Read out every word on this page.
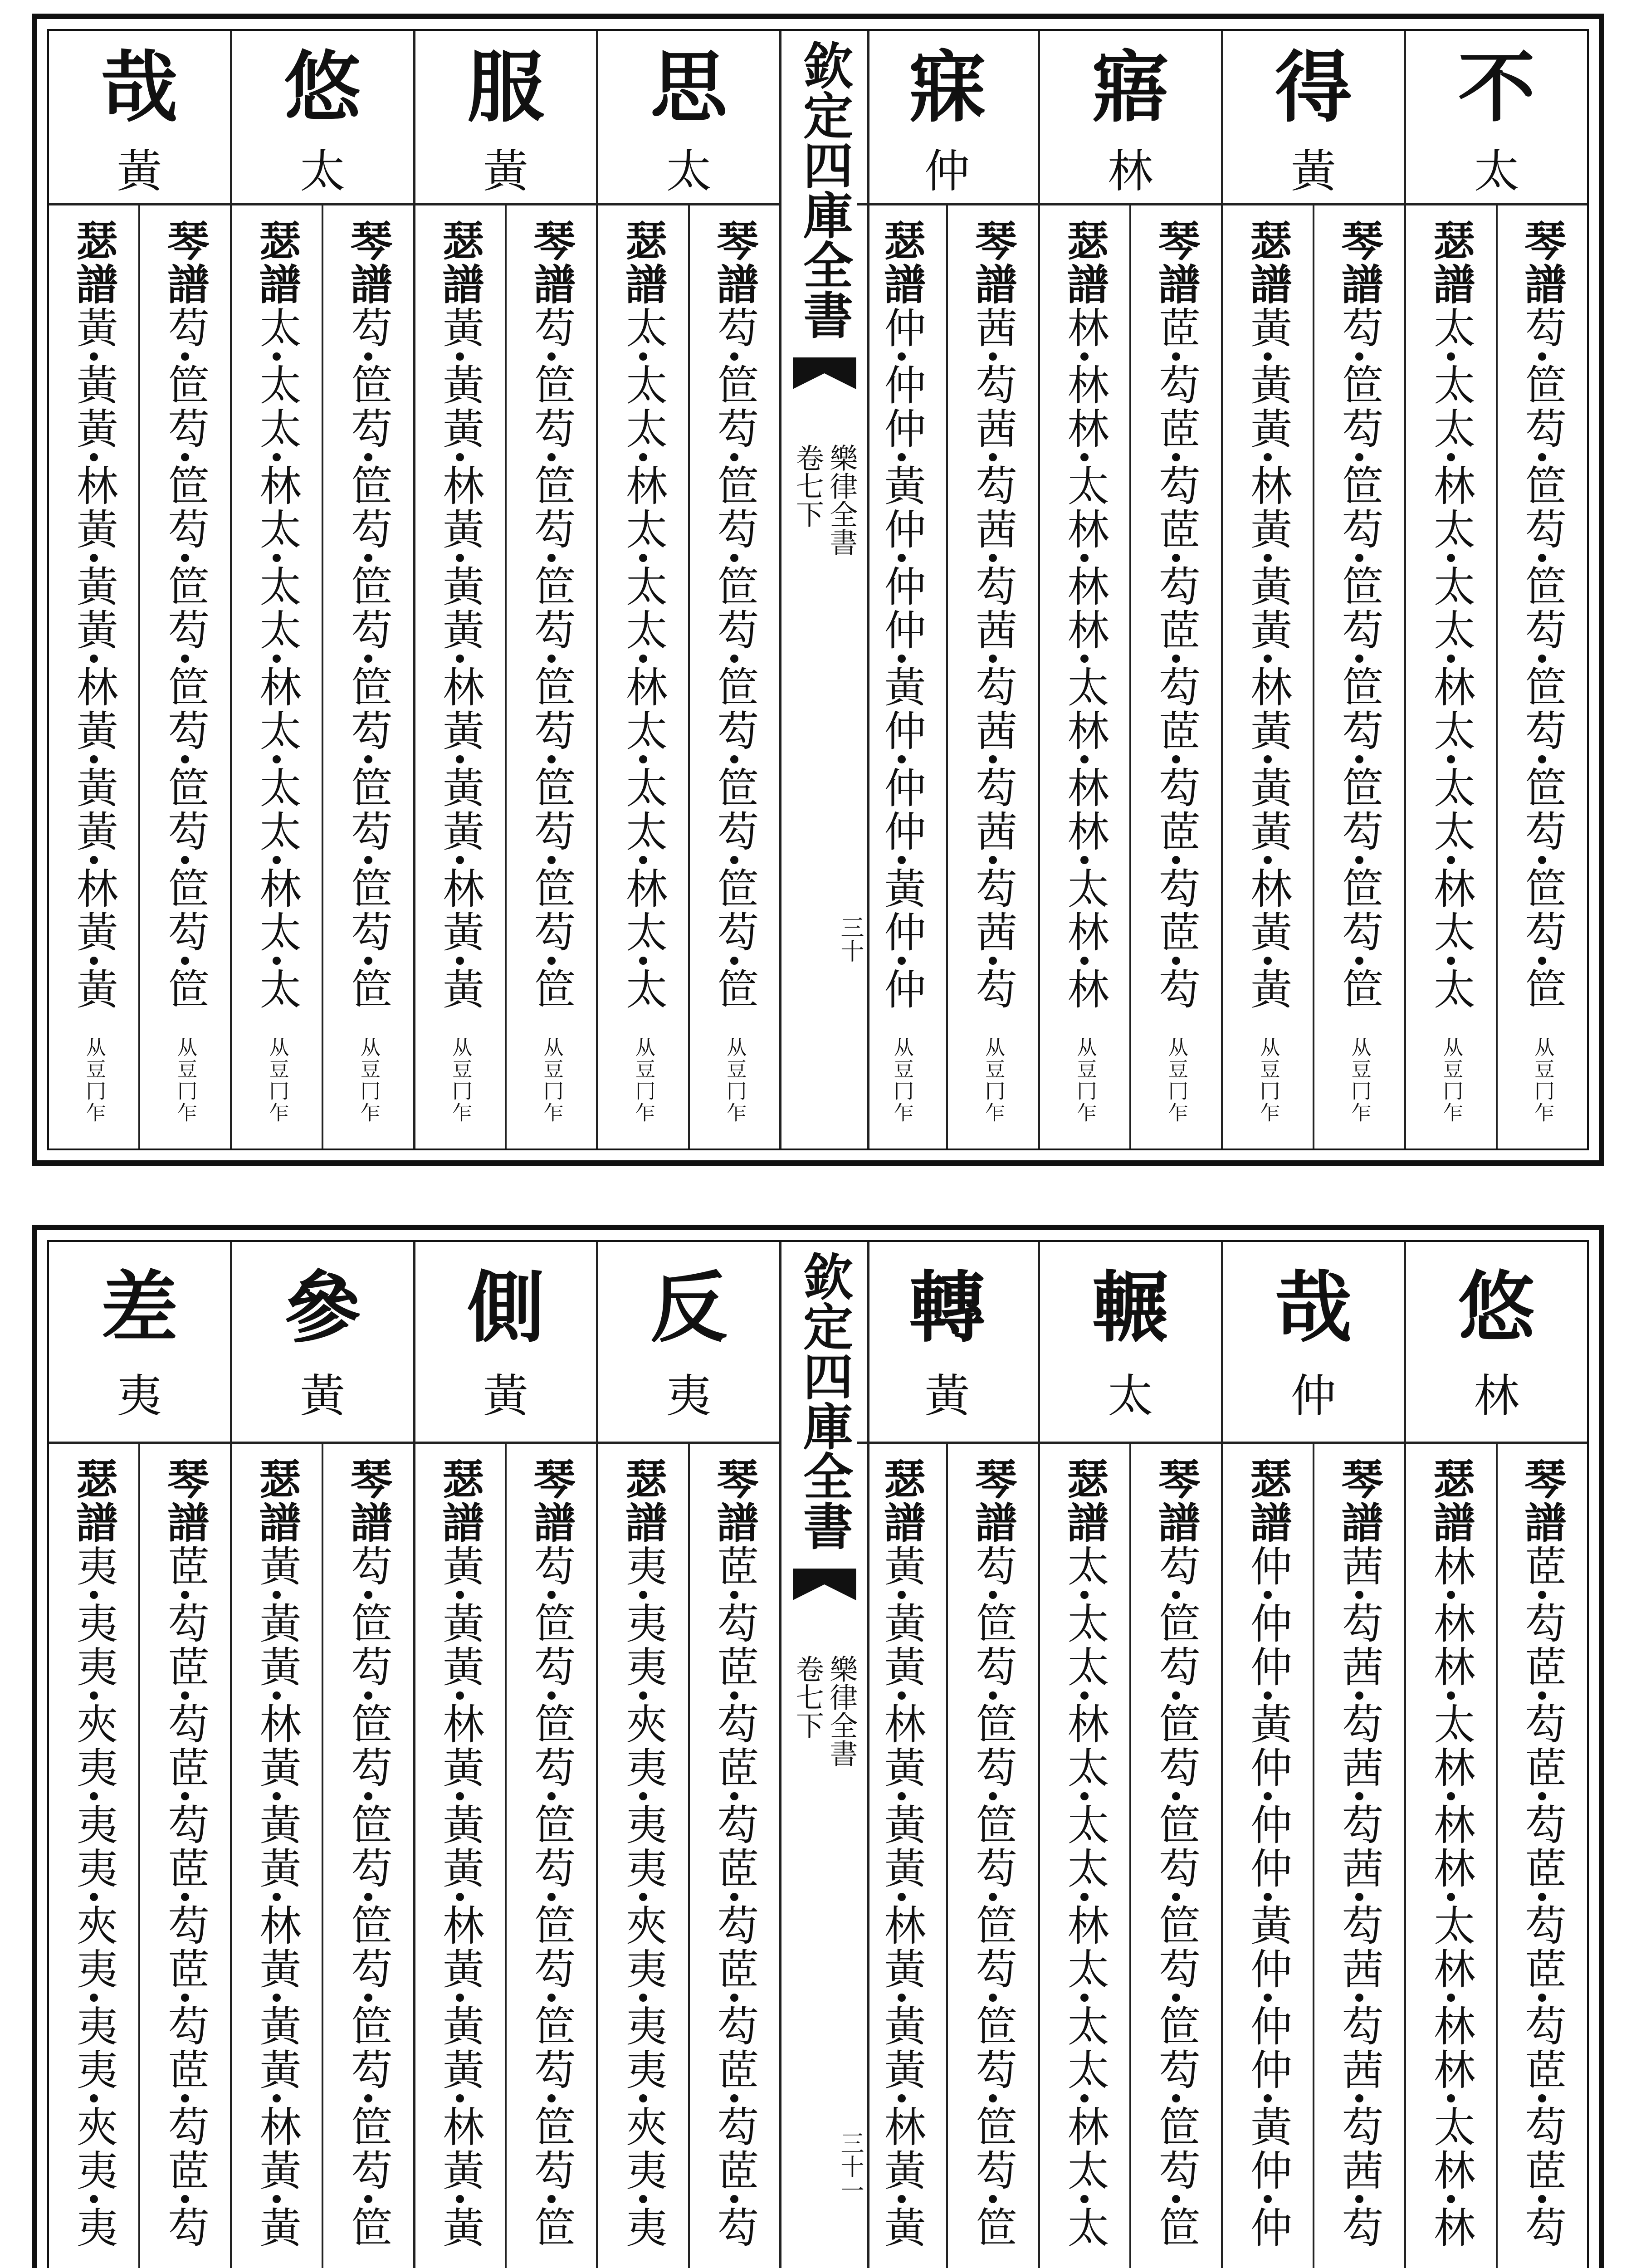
哉
黃
琴譜芶笸芶笸芶笸芶笸芶笸芶笸芶笸
从豆冂乍
瑟譜黃黃黃林黃黃黃林黃黃黃林黃黃
从豆冂乍
悠
太
琴譜芶笸芶笸芶笸芶笸芶笸芶笸芶笸
从豆冂乍
瑟譜太太太林太太太林太太太林太太
从豆冂乍
服
黃
琴譜芶笸芶笸芶笸芶笸芶笸芶笸芶笸
从豆冂乍
瑟譜黃黃黃林黃黃黃林黃黃黃林黃黃
从豆冂乍
思
太
琴譜芶笸芶笸芶笸芶笸芶笸芶笸芶笸
从豆冂乍
瑟譜太太太林太太太林太太太林太太
从豆冂乍
欽定四庫全書
樂律全書
卷七下
三十
寐
仲
琴譜茜芶茜芶茜芶茜芶茜芶茜芶茜芶
从豆冂乍
瑟譜仲仲仲黃仲仲仲黃仲仲仲黃仲仲
从豆冂乍
寤
林
琴譜茝芶茝芶茝芶茝芶茝芶茝芶茝芶
从豆冂乍
瑟譜林林林太林林林太林林林太林林
从豆冂乍
得
黃
琴譜芶笸芶笸芶笸芶笸芶笸芶笸芶笸
从豆冂乍
瑟譜黃黃黃林黃黃黃林黃黃黃林黃黃
从豆冂乍
不
太
琴譜芶笸芶笸芶笸芶笸芶笸芶笸芶笸
从豆冂乍
瑟譜太太太林太太太林太太太林太太
从豆冂乍
差
夷
琴譜茝芶茝芶茝芶茝芶茝芶茝芶茝芶
瑟譜夷夷夷夾夷夷夷夾夷夷夷夾夷夷
參
黃
琴譜芶笸芶笸芶笸芶笸芶笸芶笸芶笸
瑟譜黃黃黃林黃黃黃林黃黃黃林黃黃
側
黃
琴譜芶笸芶笸芶笸芶笸芶笸芶笸芶笸
瑟譜黃黃黃林黃黃黃林黃黃黃林黃黃
反
夷
琴譜茝芶茝芶茝芶茝芶茝芶茝芶茝芶
瑟譜夷夷夷夾夷夷夷夾夷夷夷夾夷夷
欽定四庫全書
樂律全書
卷七下
三十一
轉
黃
琴譜芶笸芶笸芶笸芶笸芶笸芶笸芶笸
瑟譜黃黃黃林黃黃黃林黃黃黃林黃黃
輾
太
琴譜芶笸芶笸芶笸芶笸芶笸芶笸芶笸
瑟譜太太太林太太太林太太太林太太
哉
仲
琴譜茜芶茜芶茜芶茜芶茜芶茜芶茜芶
瑟譜仲仲仲黃仲仲仲黃仲仲仲黃仲仲
悠
林
琴譜茝芶茝芶茝芶茝芶茝芶茝芶茝芶
瑟譜林林林太林林林太林林林太林林
